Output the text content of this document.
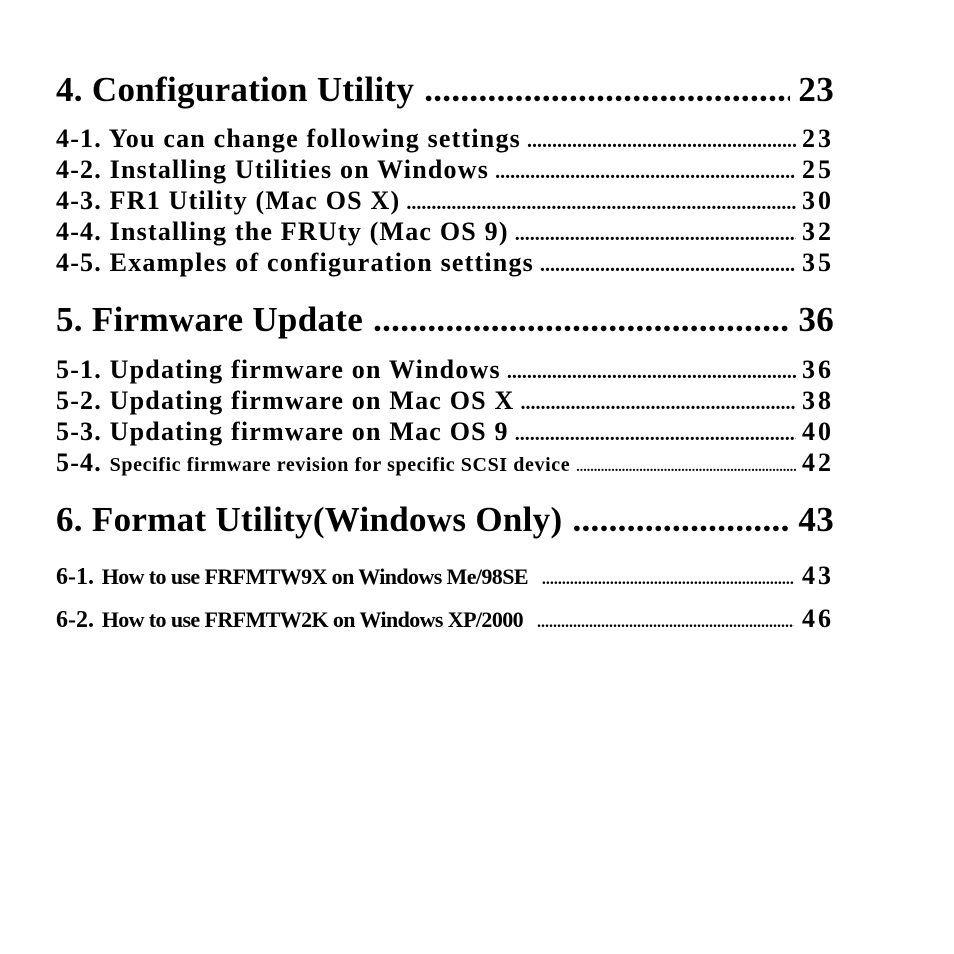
4. Configuration Utility .....	23
4-1. You can change following settings .....	23
4-2. Installing Utilities on Windows .....	25
4-3. FR1 Utility (Mac OS X) .....	30
4-4. Installing the FRUty (Mac OS 9) .....	32
4-5. Examples of configuration settings .....	35
5. Firmware Update .....	36
5-1. Updating firmware on Windows .....	36
5-2. Updating firmware on Mac OS X .....	38
5-3. Updating firmware on Mac OS 9 .....	40
5-4. Specific firmware revision for specific SCSI device .....	42
6. Format Utility(Windows Only) .....	43
6-1. How to use FRFMTW9X on Windows Me/98SE .....	43
6-2. How to use FRFMTW2K on Windows XP/2000 .....	46
